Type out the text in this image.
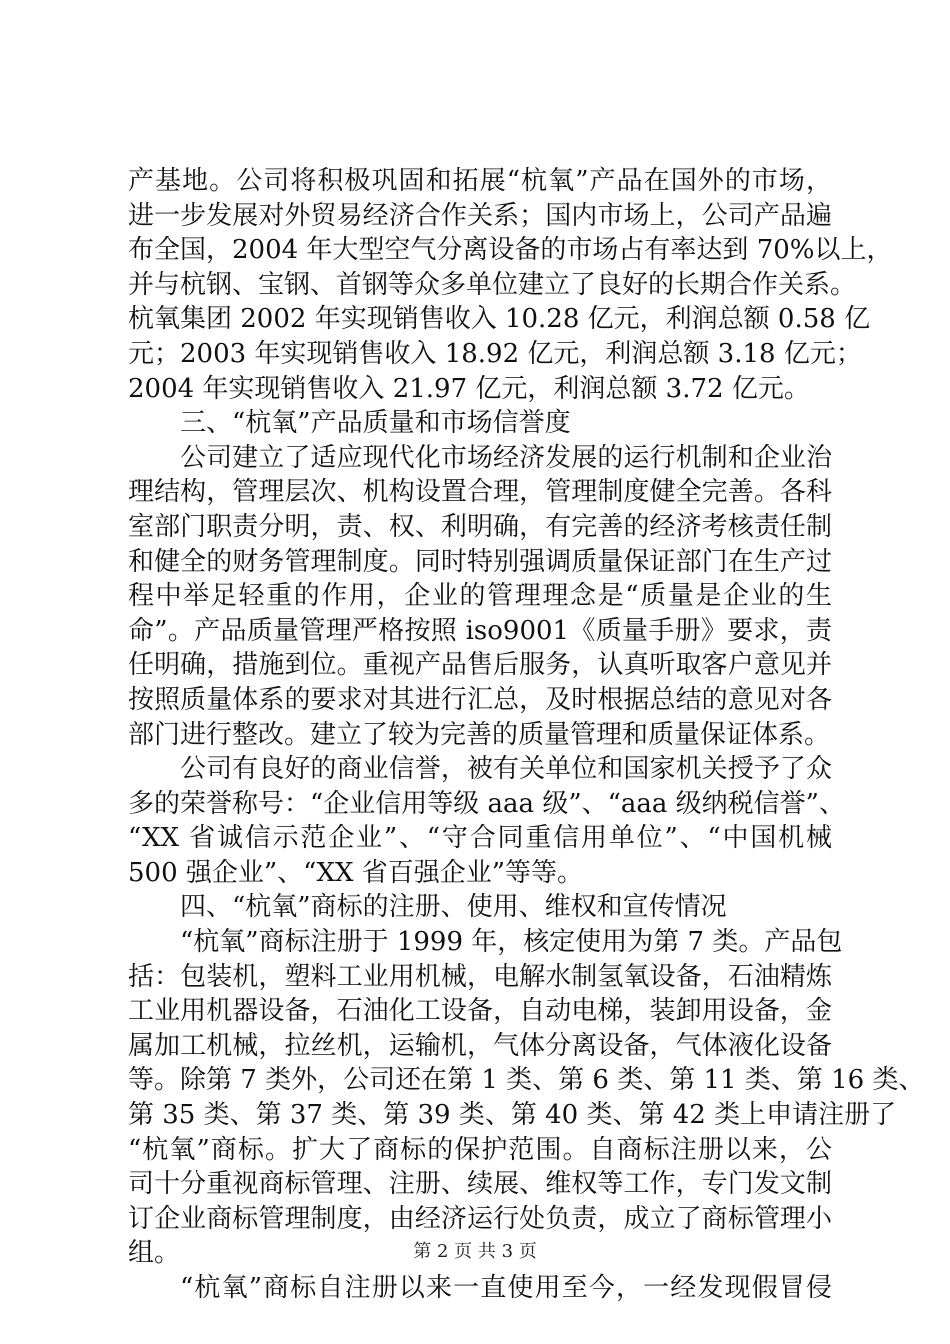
产基地。公司将积极巩固和拓展“杭氧”产品在国外的市场，
进一步发展对外贸易经济合作关系；国内市场上，公司产品遍
布全国，2004 年大型空气分离设备的市场占有率达到 70%以上，
并与杭钢、宝钢、首钢等众多单位建立了良好的长期合作关系。
杭氧集团 2002 年实现销售收入 10.28 亿元，利润总额 0.58 亿
元；2003 年实现销售收入 18.92 亿元，利润总额 3.18 亿元；
2004 年实现销售收入 21.97 亿元，利润总额 3.72 亿元。
三、“杭氧”产品质量和市场信誉度
公司建立了适应现代化市场经济发展的运行机制和企业治
理结构，管理层次、机构设置合理，管理制度健全完善。各科
室部门职责分明，责、权、利明确，有完善的经济考核责任制
和健全的财务管理制度。同时特别强调质量保证部门在生产过
程中举足轻重的作用，企业的管理理念是“质量是企业的生
命”。产品质量管理严格按照 iso9001《质量手册》要求，责
任明确，措施到位。重视产品售后服务，认真听取客户意见并
按照质量体系的要求对其进行汇总，及时根据总结的意见对各
部门进行整改。建立了较为完善的质量管理和质量保证体系。
公司有良好的商业信誉，被有关单位和国家机关授予了众
多的荣誉称号：“企业信用等级 aaa 级”、“aaa 级纳税信誉”、
“XX 省诚信示范企业”、“守合同重信用单位”、“中国机械
500 强企业”、“XX 省百强企业”等等。
四、“杭氧”商标的注册、使用、维权和宣传情况
“杭氧”商标注册于 1999 年，核定使用为第 7 类。产品包
括：包装机，塑料工业用机械，电解水制氢氧设备，石油精炼
工业用机器设备，石油化工设备，自动电梯，装卸用设备，金
属加工机械，拉丝机，运输机，气体分离设备，气体液化设备
等。除第 7 类外，公司还在第 1 类、第 6 类、第 11 类、第 16 类、
第 35 类、第 37 类、第 39 类、第 40 类、第 42 类上申请注册了
“杭氧”商标。扩大了商标的保护范围。自商标注册以来，公
司十分重视商标管理、注册、续展、维权等工作，专门发文制
订企业商标管理制度，由经济运行处负责，成立了商标管理小
组。
“杭氧”商标自注册以来一直使用至今，一经发现假冒侵
第 2 页 共 3 页
